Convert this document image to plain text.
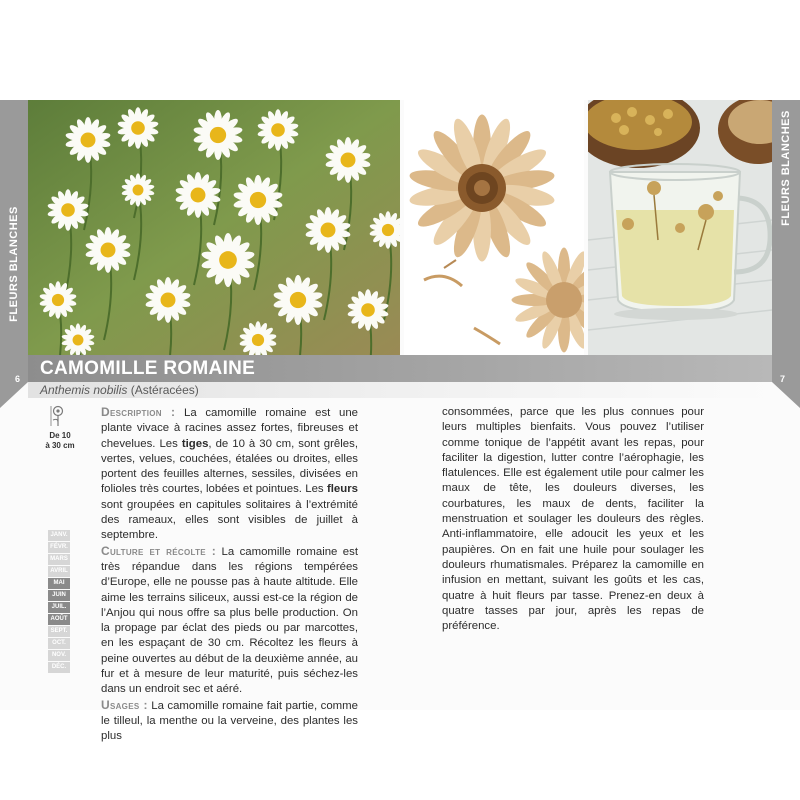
FLEURS BLANCHES
FLEURS BLANCHES
6	7
CAMOMILLE ROMAINE
Anthemis nobilis (Astéracées)
De 10
à 30 cm
JANV.
FÉVR.
MARS
AVRIL
MAI
JUIN
JUIL.
AOÛT
SEPT.
OCT.
NOV.
DÉC.

Description : La camomille romaine est une plante vivace à racines assez fortes, fibreuses et chevelues. Les tiges, de 10 à 30 cm, sont grêles, vertes, velues, couchées, étalées ou droites, elles portent des feuilles alternes, sessiles, divisées en folioles très courtes, lobées et pointues. Les fleurs sont groupées en capitules solitaires à l’extrémité des rameaux, elles sont visibles de juillet à septembre.

Culture et récolte : La camomille romaine est très répandue dans les régions tempérées d’Europe, elle ne pousse pas à haute altitude. Elle aime les terrains siliceux, aussi est-ce la région de l’Anjou qui nous offre sa plus belle production. On la propage par éclat des pieds ou par marcottes, en les espaçant de 30 cm. Récoltez les fleurs à peine ouvertes au début de la deuxième année, au fur et à mesure de leur maturité, puis séchez-les dans un endroit sec et aéré.

Usages : La camomille romaine fait partie, comme le tilleul, la menthe ou la verveine, des plantes les plus

consommées, parce que les plus connues pour leurs multiples bienfaits. Vous pouvez l’utiliser comme tonique de l’appétit avant les repas, pour faciliter la digestion, lutter contre l’aérophagie, les flatulences. Elle est également utile pour calmer les maux de tête, les douleurs diverses, les courbatures, les maux de dents, faciliter la menstruation et soulager les douleurs des règles. Anti-inflammatoire, elle adoucit les yeux et les paupières. On en fait une huile pour soulager les douleurs rhumatismales. Préparez la camomille en infusion en mettant, suivant les goûts et les cas, quatre à huit fleurs par tasse. Prenez-en deux à quatre tasses par jour, après les repas de préférence.
